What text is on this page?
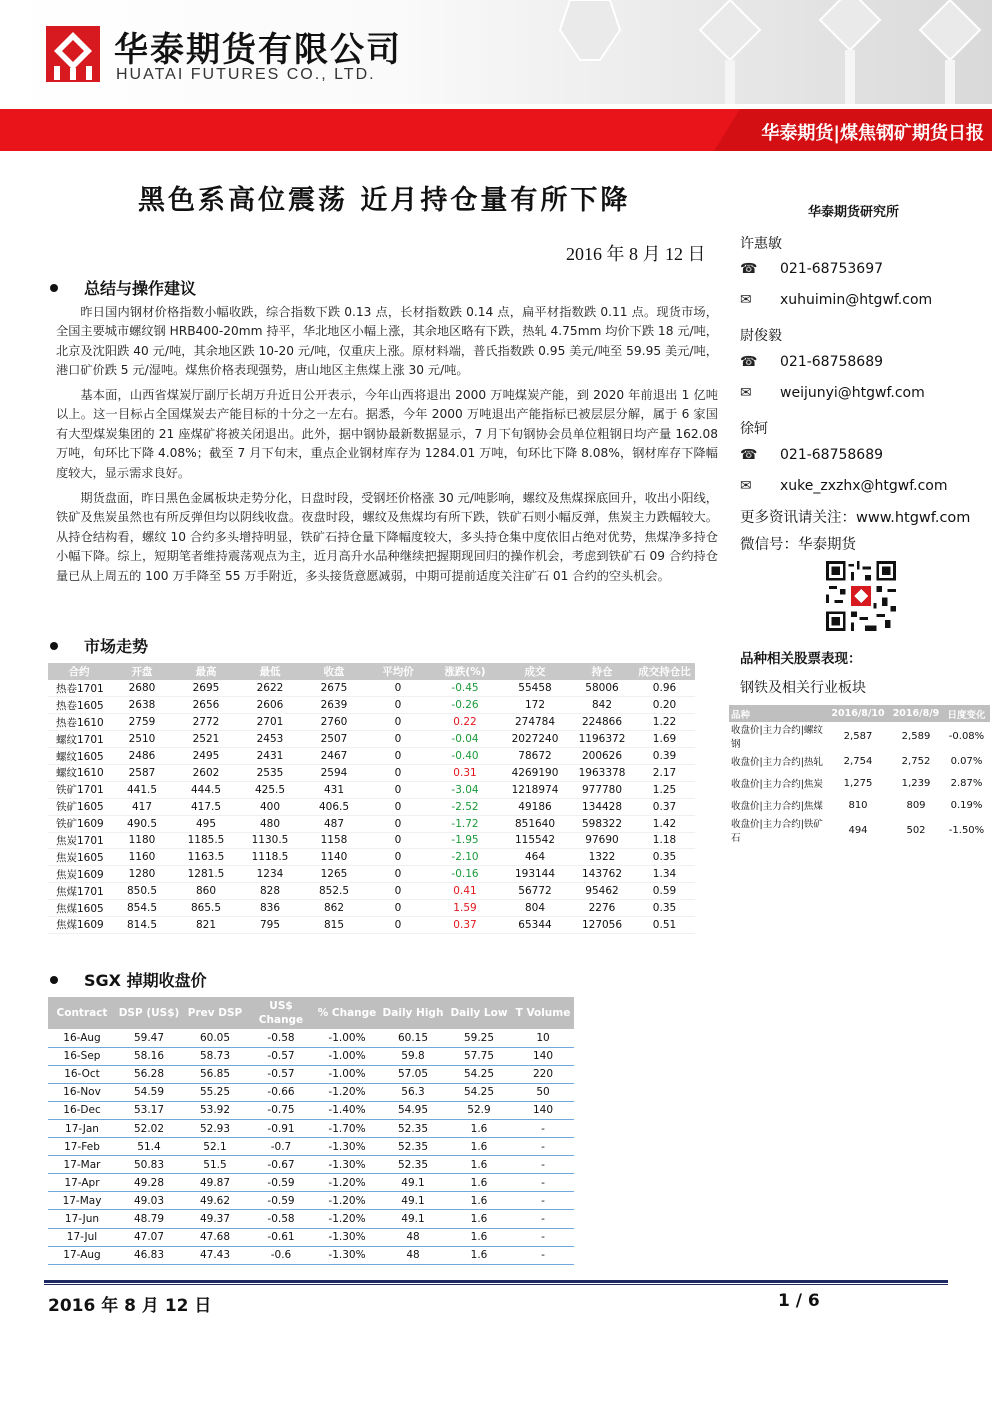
华泰期货有限公司
HUATAI FUTURES CO., LTD.
华泰期货|煤焦钢矿期货日报
黑色系高位震荡 近月持仓量有所下降
2016 年 8 月 12 日
总结与操作建议
昨日国内钢材价格指数小幅收跌，综合指数下跌 0.13 点，长材指数跌 0.14 点，扁平材指数跌 0.11 点。现货市场，全国主要城市螺纹钢 HRB400-20mm 持平，华北地区小幅上涨，其余地区略有下跌，热轧 4.75mm 均价下跌 18 元/吨，北京及沈阳跌 40 元/吨，其余地区跌 10-20 元/吨，仅重庆上涨。原材料端，普氏指数跌 0.95 美元/吨至 59.95 美元/吨，港口矿价跌 5 元/湿吨。煤焦价格表现强势，唐山地区主焦煤上涨 30 元/吨。
基本面，山西省煤炭厅副厅长胡万升近日公开表示，今年山西将退出 2000 万吨煤炭产能，到 2020 年前退出 1 亿吨以上。这一目标占全国煤炭去产能目标的十分之一左右。据悉，今年 2000 万吨退出产能指标已被层层分解，属于 6 家国有大型煤炭集团的 21 座煤矿将被关闭退出。此外，据中钢协最新数据显示，7 月下旬钢协会员单位粗钢日均产量 162.08 万吨，旬环比下降 4.08%；截至 7 月下旬末，重点企业钢材库存为 1284.01 万吨，旬环比下降 8.08%，钢材库存下降幅度较大，显示需求良好。
期货盘面，昨日黑色金属板块走势分化，日盘时段，受钢坯价格涨 30 元/吨影响，螺纹及焦煤探底回升，收出小阳线，铁矿及焦炭虽然也有所反弹但均以阴线收盘。夜盘时段，螺纹及焦煤均有所下跌，铁矿石则小幅反弹，焦炭主力跌幅较大。从持仓结构看，螺纹 10 合约多头增持明显，铁矿石持仓量下降幅度较大，多头持仓集中度依旧占绝对优势，焦煤净多持仓小幅下降。综上，短期笔者维持震荡观点为主，近月高升水品种继续把握期现回归的操作机会，考虑到铁矿石 09 合约持仓量已从上周五的 100 万手降至 55 万手附近，多头接货意愿减弱，中期可提前适度关注矿石 01 合约的空头机会。
市场走势
合约	开盘	最高	最低	收盘	平均价	涨跌(%)	成交	持仓	成交持仓比
热卷1701	2680	2695	2622	2675	0	-0.45	55458	58006	0.96
热卷1605	2638	2656	2606	2639	0	-0.26	172	842	0.20
热卷1610	2759	2772	2701	2760	0	0.22	274784	224866	1.22
螺纹1701	2510	2521	2453	2507	0	-0.04	2027240	1196372	1.69
螺纹1605	2486	2495	2431	2467	0	-0.40	78672	200626	0.39
螺纹1610	2587	2602	2535	2594	0	0.31	4269190	1963378	2.17
铁矿1701	441.5	444.5	425.5	431	0	-3.04	1218974	977780	1.25
铁矿1605	417	417.5	400	406.5	0	-2.52	49186	134428	0.37
铁矿1609	490.5	495	480	487	0	-1.72	851640	598322	1.42
焦炭1701	1180	1185.5	1130.5	1158	0	-1.95	115542	97690	1.18
焦炭1605	1160	1163.5	1118.5	1140	0	-2.10	464	1322	0.35
焦炭1609	1280	1281.5	1234	1265	0	-0.16	193144	143762	1.34
焦煤1701	850.5	860	828	852.5	0	0.41	56772	95462	0.59
焦煤1605	854.5	865.5	836	862	0	1.59	804	2276	0.35
焦煤1609	814.5	821	795	815	0	0.37	65344	127056	0.51
SGX 掉期收盘价
Contract	DSP (US$)	Prev DSP	US$ Change	% Change	Daily High	Daily Low	T Volume
16-Aug	59.47	60.05	-0.58	-1.00%	60.15	59.25	10
16-Sep	58.16	58.73	-0.57	-1.00%	59.8	57.75	140
16-Oct	56.28	56.85	-0.57	-1.00%	57.05	54.25	220
16-Nov	54.59	55.25	-0.66	-1.20%	56.3	54.25	50
16-Dec	53.17	53.92	-0.75	-1.40%	54.95	52.9	140
17-Jan	52.02	52.93	-0.91	-1.70%	52.35	1.6	-
17-Feb	51.4	52.1	-0.7	-1.30%	52.35	1.6	-
17-Mar	50.83	51.5	-0.67	-1.30%	52.35	1.6	-
17-Apr	49.28	49.87	-0.59	-1.20%	49.1	1.6	-
17-May	49.03	49.62	-0.59	-1.20%	49.1	1.6	-
17-Jun	48.79	49.37	-0.58	-1.20%	49.1	1.6	-
17-Jul	47.07	47.68	-0.61	-1.30%	48	1.6	-
17-Aug	46.83	47.43	-0.6	-1.30%	48	1.6	-
华泰期货研究所
许惠敏
☎	021-68753697
✉	xuhuimin@htgwf.com
尉俊毅
☎	021-68758689
✉	weijunyi@htgwf.com
徐轲
☎	021-68758689
✉	xuke_zxzhx@htgwf.com
更多资讯请关注：www.htgwf.com
微信号：华泰期货
品种相关股票表现：
钢铁及相关行业板块
品种	2016/8/10	2016/8/9	日度变化
收盘价|主力合约|螺纹钢	2,587	2,589	-0.08%
收盘价|主力合约|热轧	2,754	2,752	0.07%
收盘价|主力合约|焦炭	1,275	1,239	2.87%
收盘价|主力合约|焦煤	810	809	0.19%
收盘价|主力合约|铁矿石	494	502	-1.50%
2016 年 8 月 12 日	1 / 6
